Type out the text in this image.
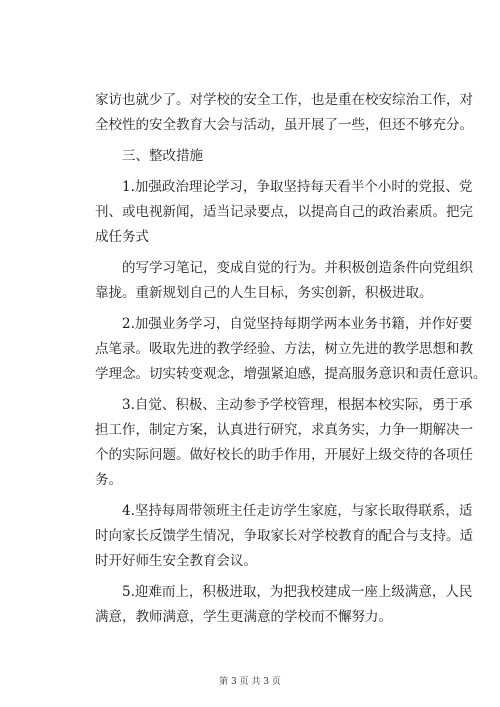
家访也就少了。对学校的安全工作，也是重在校安综治工作，对
全校性的安全教育大会与活动，虽开展了一些，但还不够充分。
三、整改措施
1.加强政治理论学习，争取坚持每天看半个小时的党报、党
刊、或电视新闻，适当记录要点，以提高自己的政治素质。把完
成任务式
的写学习笔记，变成自觉的行为。并积极创造条件向党组织
靠拢。重新规划自己的人生目标，务实创新，积极进取。
2.加强业务学习，自觉坚持每期学两本业务书籍，并作好要
点笔录。吸取先进的教学经验、方法，树立先进的教学思想和教
学理念。切实转变观念，增强紧迫感，提高服务意识和责任意识。
3.自觉、积极、主动参予学校管理，根据本校实际，勇于承
担工作，制定方案，认真进行研究，求真务实，力争一期解决一
个的实际问题。做好校长的助手作用，开展好上级交待的各项任
务。
4.坚持每周带领班主任走访学生家庭，与家长取得联系，适
时向家长反馈学生情况，争取家长对学校教育的配合与支持。适
时开好师生安全教育会议。
5.迎难而上，积极进取，为把我校建成一座上级满意，人民
满意，教师满意，学生更满意的学校而不懈努力。
第 3 页 共 3 页
